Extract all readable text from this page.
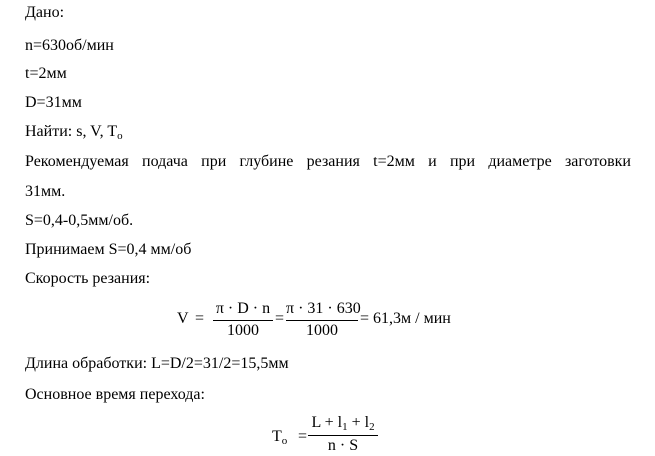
Дано:
n=630об/мин
t=2мм
D=31мм
Найти: s, V, $T_о$
Рекомендуемая подача при глубине резания t=2мм и при диаметре заготовки
31мм.
S=0,4-0,5мм/об.
Принимаем S=0,4 мм/об
Скорость резания:
V =
π · D · n
1000
=
π · 31 · 630
1000
= 61,3м / мин
Длина обработки: L=D/2=31/2=15,5мм
Основное время перехода:
$T_о$ =
$L + l_1 + l_2$
n · S
